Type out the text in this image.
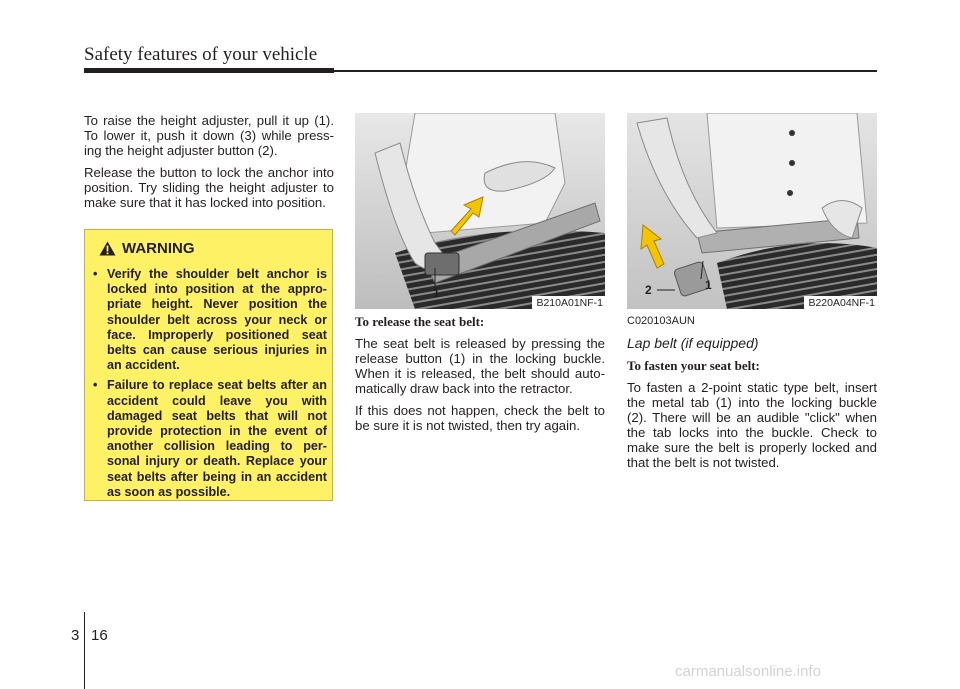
Safety features of your vehicle

To raise the height adjuster, pull it up (1). To lower it, push it down (3) while press- ing the height adjuster button (2).

Release the button to lock the anchor into position. Try sliding the height adjuster to make sure that it has locked into position.

WARNING
• Verify the shoulder belt anchor is locked into position at the appro- priate height. Never position the shoulder belt across your neck or face. Improperly positioned seat belts can cause serious injuries in an accident.
• Failure to replace seat belts after an accident could leave you with damaged seat belts that will not provide protection in the event of another collision leading to per- sonal injury or death. Replace your seat belts after being in an accident as soon as possible.
1
B210A01NF-1

To release the seat belt:

The seat belt is released by pressing the release button (1) in the locking buckle. When it is released, the belt should auto- matically draw back into the retractor.

If this does not happen, check the belt to be sure it is not twisted, then try again.

2	1
B220A04NF-1

C020103AUN

Lap belt (if equipped)

To fasten your seat belt:

To fasten a 2-point static type belt, insert the metal tab (1) into the locking buckle (2). There will be an audible "click" when the tab locks into the buckle. Check to make sure the belt is properly locked and that the belt is not twisted.

3 16
carmanualsonline.info
